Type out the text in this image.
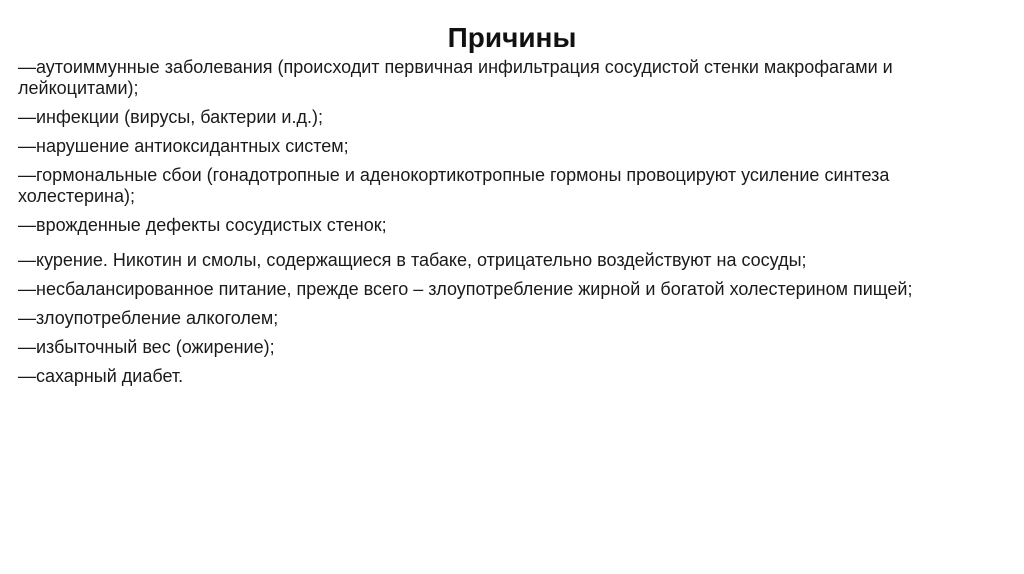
Причины
—аутоиммунные заболевания (происходит первичная инфильтрация сосудистой стенки макрофагами и лейкоцитами);
—инфекции (вирусы, бактерии и.д.);
—нарушение антиоксидантных систем;
—гормональные сбои (гонадотропные и аденокортикотропные гормоны провоцируют усиление синтеза холестерина);
—врожденные дефекты сосудистых стенок;
—курение. Никотин и смолы, содержащиеся в табаке, отрицательно воздействуют на сосуды;
—несбалансированное питание, прежде всего – злоупотребление жирной и богатой холестерином пищей;
—злоупотребление алкоголем;
—избыточный вес (ожирение);
—сахарный диабет.
